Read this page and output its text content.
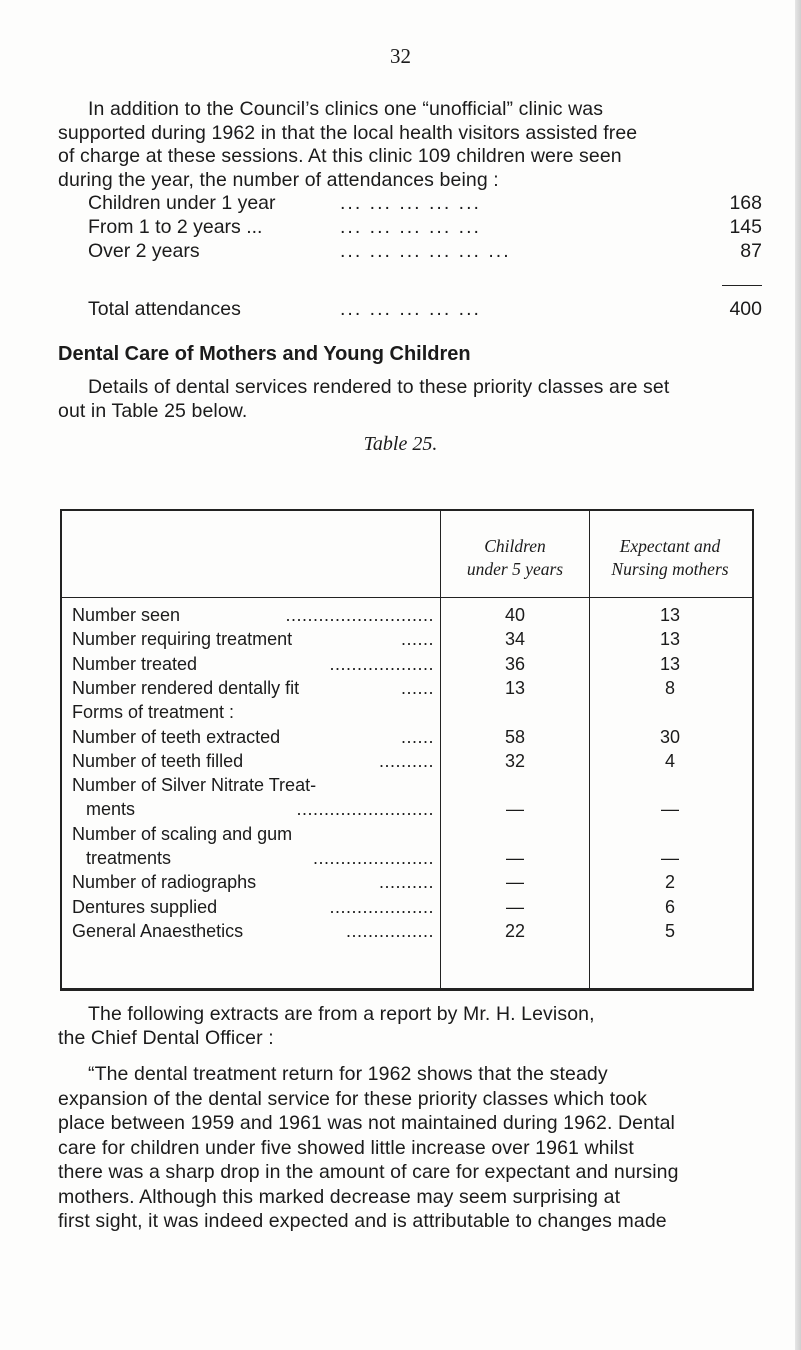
32
In addition to the Council’s clinics one “unofficial” clinic was
supported during 1962 in that the local health visitors assisted free
of charge at these sessions. At this clinic 109 children were seen
during the year, the number of attendances being :
Children under 1 year	... ... ... ... ...	168
From 1 to 2 years ...	... ... ... ... ...	145
Over 2 years	... ... ... ... ... ...	87
Total attendances	... ... ... ... ...	400
Dental Care of Mothers and Young Children
Details of dental services rendered to these priority classes are set
out in Table 25 below.
Table 25.
Children
under 5 years
Expectant and
Nursing mothers
Number seen	...........................	40	13
Number requiring treatment	......	34	13
Number treated	...................	36	13
Number rendered dentally fit	......	13	8
Forms of treatment :
Number of teeth extracted	......	58	30
Number of teeth filled	..........	32	4
Number of Silver Nitrate Treat-
ments	.........................	—	—
Number of scaling and gum
treatments	......................	—	—
Number of radiographs	..........	—	2
Dentures supplied	...................	—	6
General Anaesthetics	................	22	5
The following extracts are from a report by Mr. H. Levison,
the Chief Dental Officer :
“The dental treatment return for 1962 shows that the steady
expansion of the dental service for these priority classes which took
place between 1959 and 1961 was not maintained during 1962. Dental
care for children under five showed little increase over 1961 whilst
there was a sharp drop in the amount of care for expectant and nursing
mothers. Although this marked decrease may seem surprising at
first sight, it was indeed expected and is attributable to changes made
